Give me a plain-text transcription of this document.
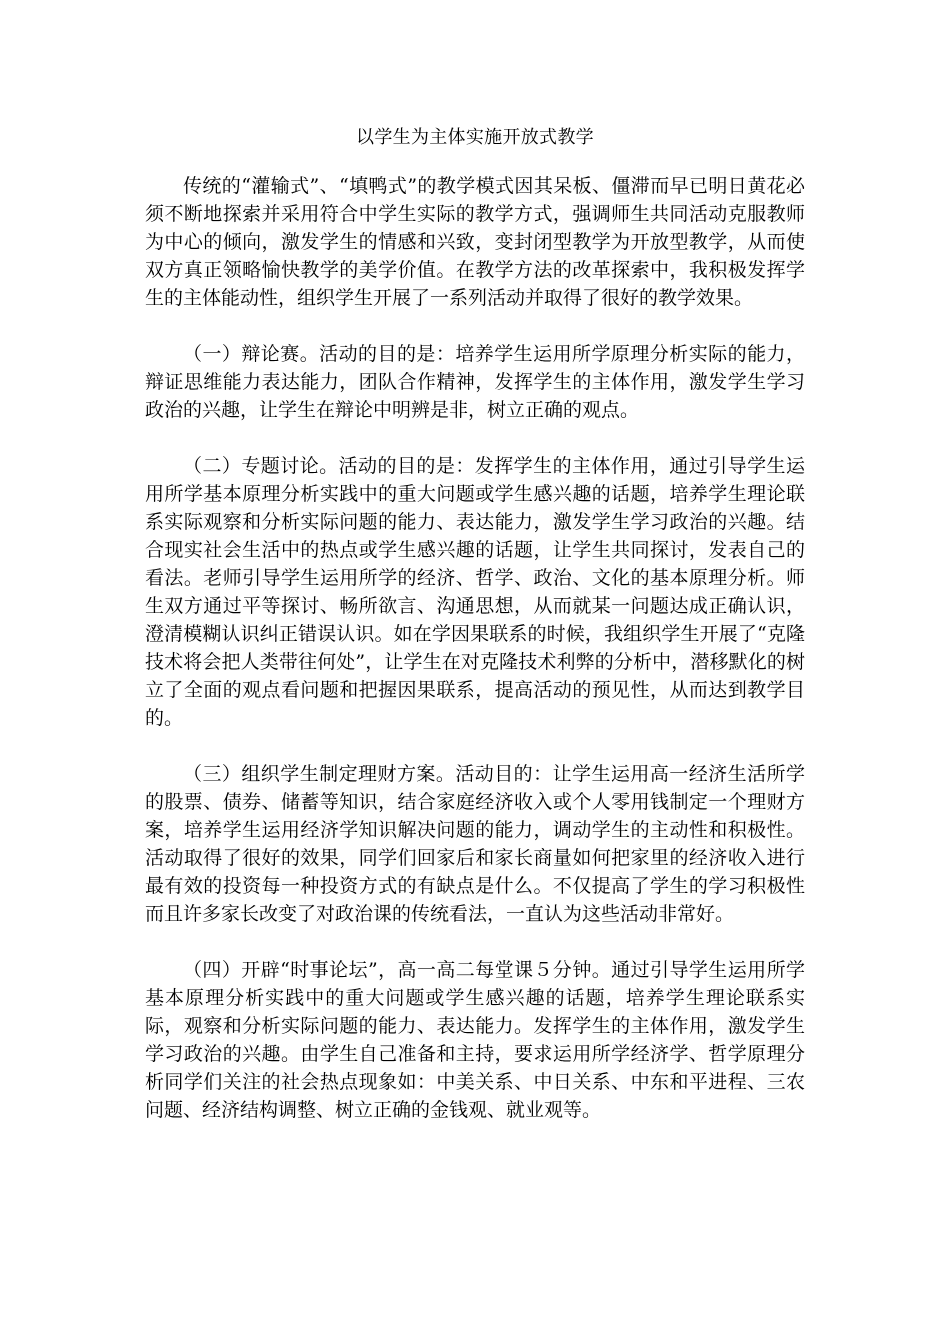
以学生为主体实施开放式教学

传统的“灌输式”、“填鸭式”的教学模式因其呆板、僵滞而早已明日黄花必须不断地探索并采用符合中学生实际的教学方式，强调师生共同活动克服教师为中心的倾向，激发学生的情感和兴致，变封闭型教学为开放型教学，从而使双方真正领略愉快教学的美学价值。在教学方法的改革探索中，我积极发挥学生的主体能动性，组织学生开展了一系列活动并取得了很好的教学效果。

（一）辩论赛。活动的目的是：培养学生运用所学原理分析实际的能力，辩证思维能力表达能力，团队合作精神，发挥学生的主体作用，激发学生学习政治的兴趣，让学生在辩论中明辨是非，树立正确的观点。

（二）专题讨论。活动的目的是：发挥学生的主体作用，通过引导学生运用所学基本原理分析实践中的重大问题或学生感兴趣的话题，培养学生理论联系实际观察和分析实际问题的能力、表达能力，激发学生学习政治的兴趣。结合现实社会生活中的热点或学生感兴趣的话题，让学生共同探讨，发表自己的看法。老师引导学生运用所学的经济、哲学、政治、文化的基本原理分析。师生双方通过平等探讨、畅所欲言、沟通思想，从而就某一问题达成正确认识，澄清模糊认识纠正错误认识。如在学因果联系的时候，我组织学生开展了“克隆技术将会把人类带往何处”，让学生在对克隆技术利弊的分析中，潜移默化的树立了全面的观点看问题和把握因果联系，提高活动的预见性，从而达到教学目的。

（三）组织学生制定理财方案。活动目的：让学生运用高一经济生活所学的股票、债券、储蓄等知识，结合家庭经济收入或个人零用钱制定一个理财方案，培养学生运用经济学知识解决问题的能力，调动学生的主动性和积极性。活动取得了很好的效果，同学们回家后和家长商量如何把家里的经济收入进行最有效的投资每一种投资方式的有缺点是什么。不仅提高了学生的学习积极性而且许多家长改变了对政治课的传统看法，一直认为这些活动非常好。

（四）开辟“时事论坛”，高一高二每堂课５分钟。通过引导学生运用所学基本原理分析实践中的重大问题或学生感兴趣的话题，培养学生理论联系实际，观察和分析实际问题的能力、表达能力。发挥学生的主体作用，激发学生学习政治的兴趣。由学生自己准备和主持，要求运用所学经济学、哲学原理分析同学们关注的社会热点现象如：中美关系、中日关系、中东和平进程、三农问题、经济结构调整、树立正确的金钱观、就业观等。
